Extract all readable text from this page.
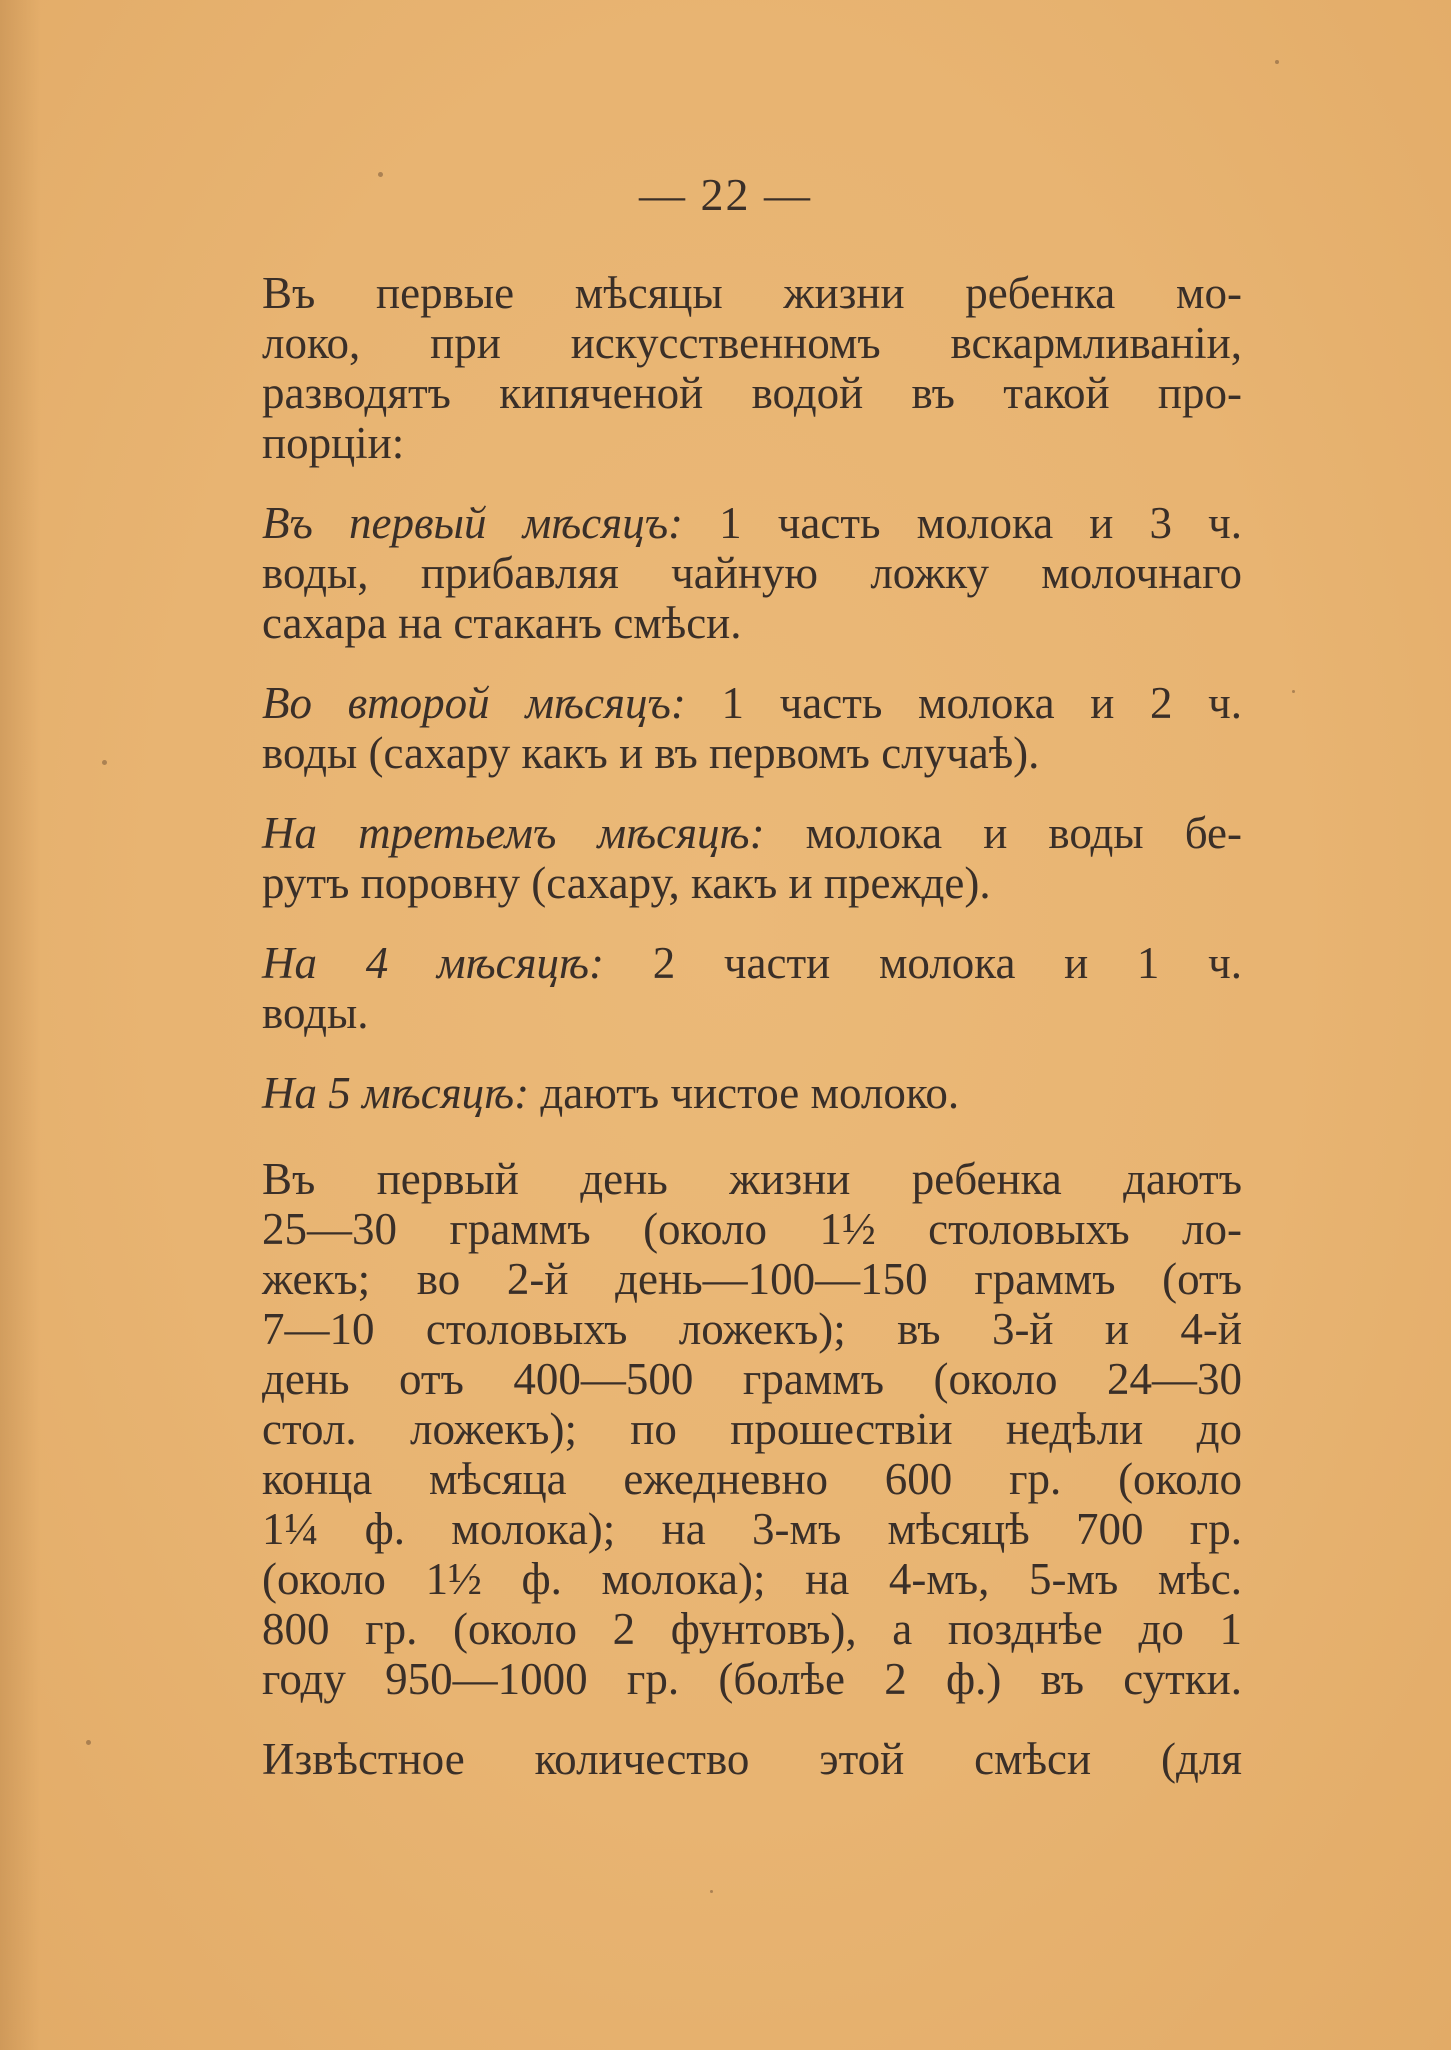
— 22 —

Въ первые мѣсяцы жизни ребенка мо-
локо, при искусственномъ вскармливанiи,
разводятъ кипяченой водой въ такой про-
порцiи:

Въ первый мѣсяцъ: 1 часть молока и 3 ч.
воды, прибавляя чайную ложку молочнаго
сахара на стаканъ смѣси.

Во второй мѣсяцъ: 1 часть молока и 2 ч.
воды (сахару какъ и въ первомъ случаѣ).

На третьемъ мѣсяцѣ: молока и воды бе-
рутъ поровну (сахару, какъ и прежде).

На 4 мѣсяцѣ: 2 части молока и 1 ч.
воды.

На 5 мѣсяцѣ: даютъ чистое молоко.

Въ первый день жизни ребенка даютъ
25—30 граммъ (около 1½ столовыхъ ло-
жекъ; во 2-й день—100—150 граммъ (отъ
7—10 столовыхъ ложекъ); въ 3-й и 4-й
день отъ 400—500 граммъ (около 24—30
стол. ложекъ); по прошествiи недѣли до
конца мѣсяца ежедневно 600 гр. (около
1¼ ф. молока); на 3-мъ мѣсяцѣ 700 гр.
(около 1½ ф. молока); на 4-мъ, 5-мъ мѣс.
800 гр. (около 2 фунтовъ), а позднѣе до 1
году 950—1000 гр. (болѣе 2 ф.) въ сутки.

Извѣстное количество этой смѣси (для
